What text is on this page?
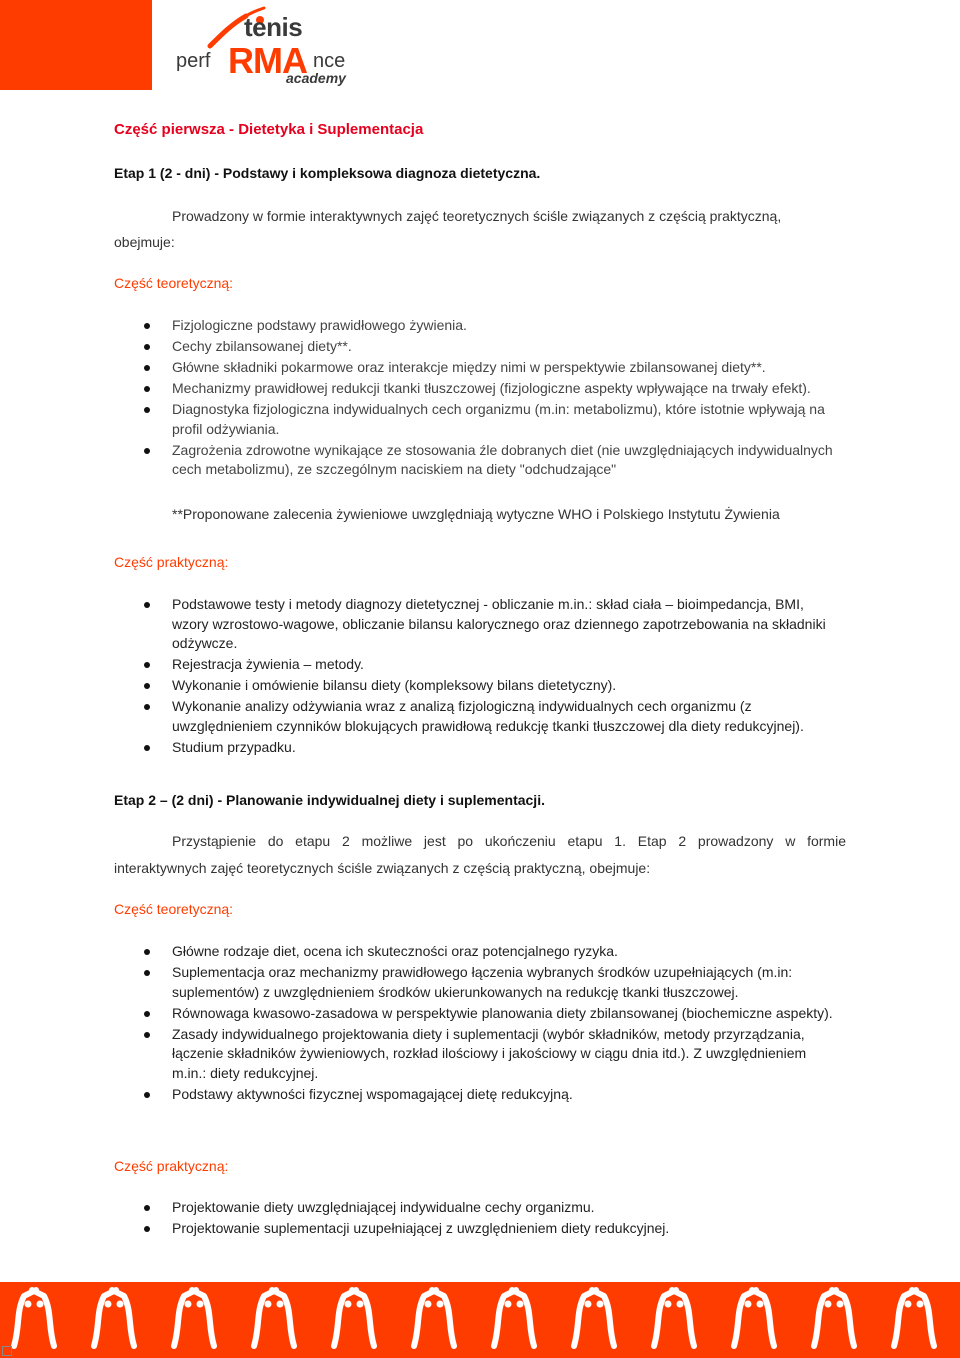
tenis
perf RMA nce
academy
Część pierwsza - Dietetyka i Suplementacja
Etap 1 (2 - dni) - Podstawy i kompleksowa diagnoza dietetyczna.
Prowadzony w formie interaktywnych zajęć teoretycznych ściśle związanych z częścią praktyczną,
obejmuje:
Część teoretyczną:
Fizjologiczne podstawy prawidłowego żywienia.
Cechy zbilansowanej diety**.
Główne składniki pokarmowe oraz interakcje między nimi w perspektywie zbilansowanej diety**.
Mechanizmy prawidłowej redukcji tkanki tłuszczowej (fizjologiczne aspekty wpływające na trwały efekt).
Diagnostyka fizjologiczna indywidualnych cech organizmu (m.in: metabolizmu), które istotnie wpływają na profil odżywiania.
Zagrożenia zdrowotne wynikające ze stosowania źle dobranych diet (nie uwzględniających indywidualnych cech metabolizmu), ze szczególnym naciskiem na diety "odchudzające"
**Proponowane zalecenia żywieniowe uwzględniają wytyczne WHO i Polskiego Instytutu Żywienia
Część praktyczną:
Podstawowe testy i metody diagnozy dietetycznej - obliczanie m.in.: skład ciała – bioimpedancja, BMI, wzory wzrostowo-wagowe, obliczanie bilansu kalorycznego oraz dziennego zapotrzebowania na składniki odżywcze.
Rejestracja żywienia – metody.
Wykonanie i omówienie bilansu diety (kompleksowy bilans dietetyczny).
Wykonanie analizy odżywiania wraz z analizą fizjologiczną indywidualnych cech organizmu (z uwzględnieniem czynników blokujących prawidłową redukcję tkanki tłuszczowej dla diety redukcyjnej).
Studium przypadku.
Etap 2 – (2 dni) - Planowanie indywidualnej diety i suplementacji.
Przystąpienie do etapu 2 możliwe jest po ukończeniu etapu 1. Etap 2 prowadzony w formie
interaktywnych zajęć teoretycznych ściśle związanych z częścią praktyczną, obejmuje:
Część teoretyczną:
Główne rodzaje diet, ocena ich skuteczności oraz potencjalnego ryzyka.
Suplementacja oraz mechanizmy prawidłowego łączenia wybranych środków uzupełniających (m.in: suplementów) z uwzględnieniem środków ukierunkowanych na redukcję tkanki tłuszczowej.
Równowaga kwasowo-zasadowa w perspektywie planowania diety zbilansowanej (biochemiczne aspekty).
Zasady indywidualnego projektowania diety i suplementacji (wybór składników, metody przyrządzania, łączenie składników żywieniowych, rozkład ilościowy i jakościowy w ciągu dnia itd.). Z uwzględnieniem m.in.: diety redukcyjnej.
Podstawy aktywności fizycznej wspomagającej dietę redukcyjną.
Część praktyczną:
Projektowanie diety uwzględniającej indywidualne cechy organizmu.
Projektowanie suplementacji uzupełniającej z uwzględnieniem diety redukcyjnej.
